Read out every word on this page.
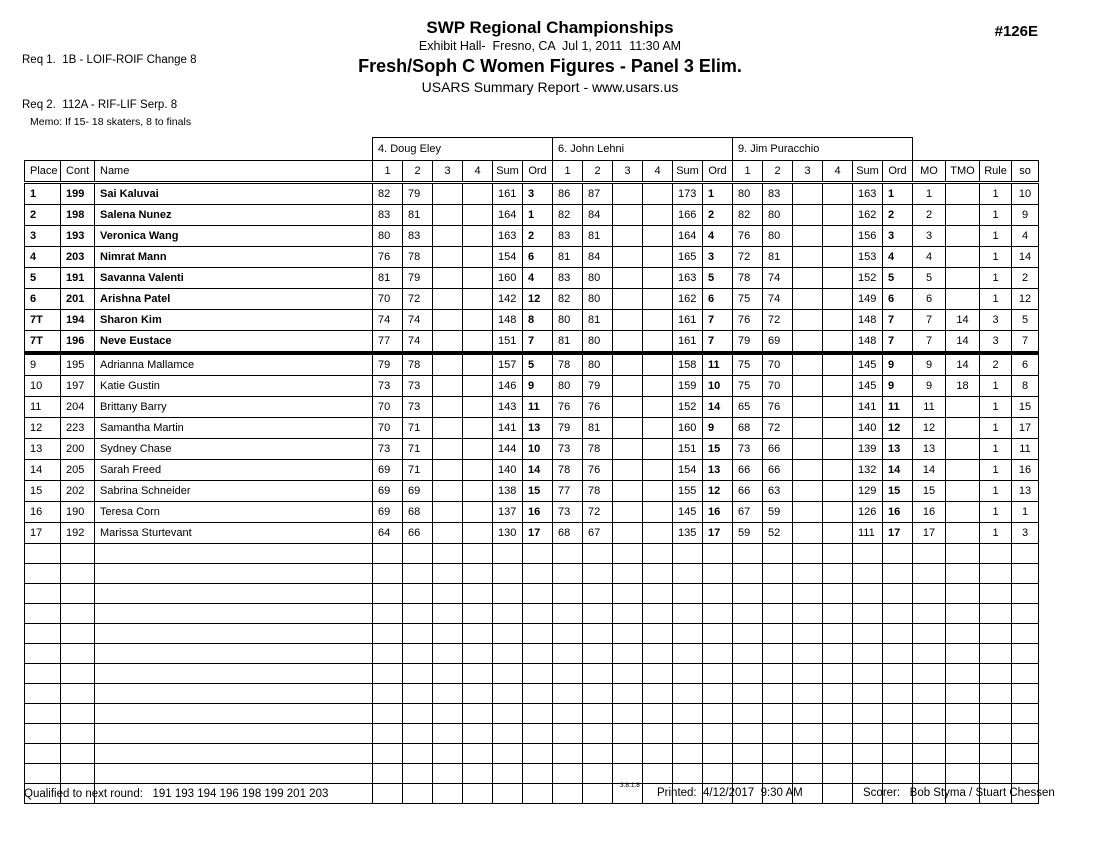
Req 1.  1B - LOIF-ROIF Change 8

Req 2.  112A - RIF-LIF Serp. 8

SWP Regional Championships
Exhibit Hall-  Fresno, CA  Jul 1, 2011  11:30 AM
Fresh/Soph C Women Figures - Panel 3 Elim.
USARS Summary Report - www.usars.us
#126E
Memo: If 15- 18 skaters, 8 to finals
			4. Doug Eley						6. John Lehni						9. Jim Puracchio									
Place	Cont	Name	1	2	3	4	Sum	Ord	1	2	3	4	Sum	Ord	1	2	3	4	Sum	Ord	MO	TMO	Rule	so
1	199	Sai Kaluvai	82	79			161	3	86	87			173	1	80	83			163	1	1		1	10
2	198	Salena Nunez	83	81			164	1	82	84			166	2	82	80			162	2	2		1	9
3	193	Veronica Wang	80	83			163	2	83	81			164	4	76	80			156	3	3		1	4
4	203	Nimrat Mann	76	78			154	6	81	84			165	3	72	81			153	4	4		1	14
5	191	Savanna Valenti	81	79			160	4	83	80			163	5	78	74			152	5	5		1	2
6	201	Arishna Patel	70	72			142	12	82	80			162	6	75	74			149	6	6		1	12
7T	194	Sharon Kim	74	74			148	8	80	81			161	7	76	72			148	7	7	14	3	5
7T	196	Neve Eustace	77	74			151	7	81	80			161	7	79	69			148	7	7	14	3	7
9	195	Adrianna Mallamce	79	78			157	5	78	80			158	11	75	70			145	9	9	14	2	6
10	197	Katie Gustin	73	73			146	9	80	79			159	10	75	70			145	9	9	18	1	8
11	204	Brittany Barry	70	73			143	11	76	76			152	14	65	76			141	11	11		1	15
12	223	Samantha Martin	70	71			141	13	79	81			160	9	68	72			140	12	12		1	17
13	200	Sydney Chase	73	71			144	10	73	78			151	15	73	66			139	13	13		1	11
14	205	Sarah Freed	69	71			140	14	78	76			154	13	66	66			132	14	14		1	16
15	202	Sabrina Schneider	69	69			138	15	77	78			155	12	66	63			129	15	15		1	13
16	190	Teresa Corn	69	68			137	16	73	72			145	16	67	59			126	16	16		1	1
17	192	Marissa Sturtevant	64	66			130	17	68	67			135	17	59	52			111	17	17		1	3

Qualified to next round:   191 193 194 196 198 199 201 203
3.8.1.8
Printed:  4/12/2017  9:30 AM	Scorer:   Bob Styma / Stuart Chessen
